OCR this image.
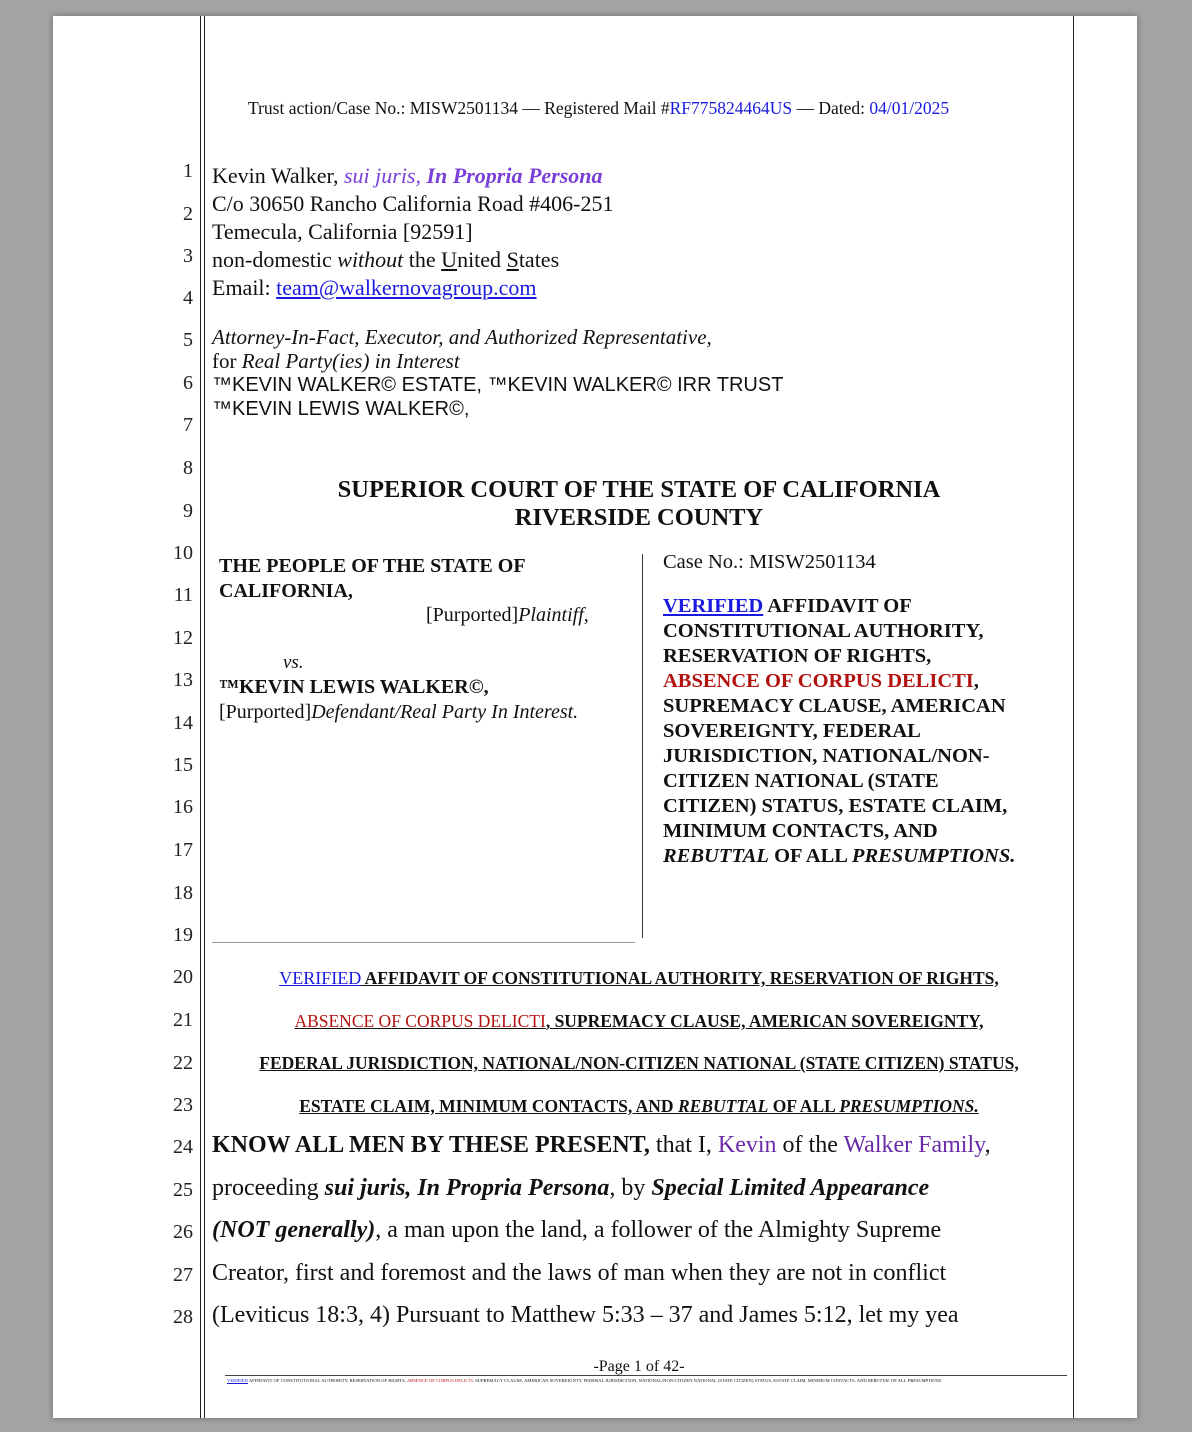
Trust action/Case No.: MISW2501134 — Registered Mail #RF775824464US — Dated: 04/01/2025
1
2
3
4
5
6
7
8
9
10
11
12
13
14
15
16
17
18
19
20
21
22
23
24
25
26
27
28
Kevin Walker, sui juris, In Propria Persona
C/o 30650 Rancho California Road #406-251
Temecula, California [92591]
non-domestic without the United States
Email: team@walkernovagroup.com
Attorney-In-Fact, Executor, and Authorized Representative,
for Real Party(ies) in Interest
™KEVIN WALKER© ESTATE, ™KEVIN WALKER© IRR TRUST
™KEVIN LEWIS WALKER©,
SUPERIOR COURT OF THE STATE OF CALIFORNIA
RIVERSIDE COUNTY
THE PEOPLE OF THE STATE OF
CALIFORNIA,
[Purported]Plaintiff,
vs.
™KEVIN LEWIS WALKER©,
[Purported]Defendant/Real Party In Interest.
Case No.: MISW2501134
VERIFIED AFFIDAVIT OF
CONSTITUTIONAL AUTHORITY,
RESERVATION OF RIGHTS,
ABSENCE OF CORPUS DELICTI,
SUPREMACY CLAUSE, AMERICAN
SOVEREIGNTY, FEDERAL
JURISDICTION, NATIONAL/NON-
CITIZEN NATIONAL (STATE
CITIZEN) STATUS, ESTATE CLAIM,
MINIMUM CONTACTS, AND
REBUTTAL OF ALL PRESUMPTIONS.
VERIFIED AFFIDAVIT OF CONSTITUTIONAL AUTHORITY, RESERVATION OF RIGHTS,
ABSENCE OF CORPUS DELICTI, SUPREMACY CLAUSE, AMERICAN SOVEREIGNTY,
FEDERAL JURISDICTION, NATIONAL/NON-CITIZEN NATIONAL (STATE CITIZEN) STATUS,
ESTATE CLAIM, MINIMUM CONTACTS, AND REBUTTAL OF ALL PRESUMPTIONS.
KNOW ALL MEN BY THESE PRESENT, that I, Kevin of the Walker Family,
proceeding sui juris, In Propria Persona, by Special Limited Appearance
(NOT generally), a man upon the land, a follower of the Almighty Supreme
Creator, first and foremost and the laws of man when they are not in conflict
(Leviticus 18:3, 4) Pursuant to Matthew 5:33 – 37 and James 5:12, let my yea
-Page 1 of 42-
VERIFIED AFFIDAVIT OF CONSTITUTIONAL AUTHORITY, RESERVATION OF RIGHTS, ABSENCE OF CORPUS DELICTI, SUPREMACY CLAUSE, AMERICAN SOVEREIGNTY, FEDERAL JURISDICTION, NATIONAL/NON-CITIZEN NATIONAL (STATE CITIZEN) STATUS, ESTATE CLAIM, MINIMUM CONTACTS, AND REBUTTAL OF ALL PRESUMPTIONS
